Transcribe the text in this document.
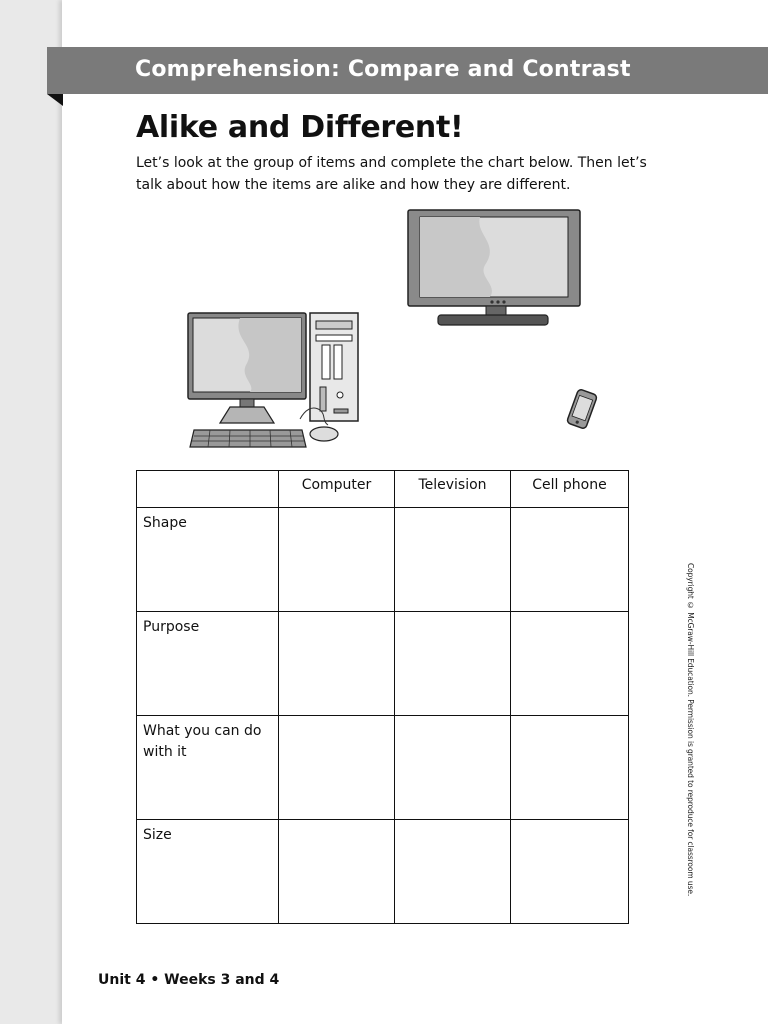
Comprehension: Compare and Contrast
Alike and Different!
Let’s look at the group of items and complete the chart below. Then let’s talk about how the items are alike and how they are different.
	Computer	Television	Cell phone
Shape			
Purpose			
What you can do with it			
Size				Copyright © McGraw-Hill Education. Permission is granted to reproduce for classroom use.
Unit 4 • Weeks 3 and 4
